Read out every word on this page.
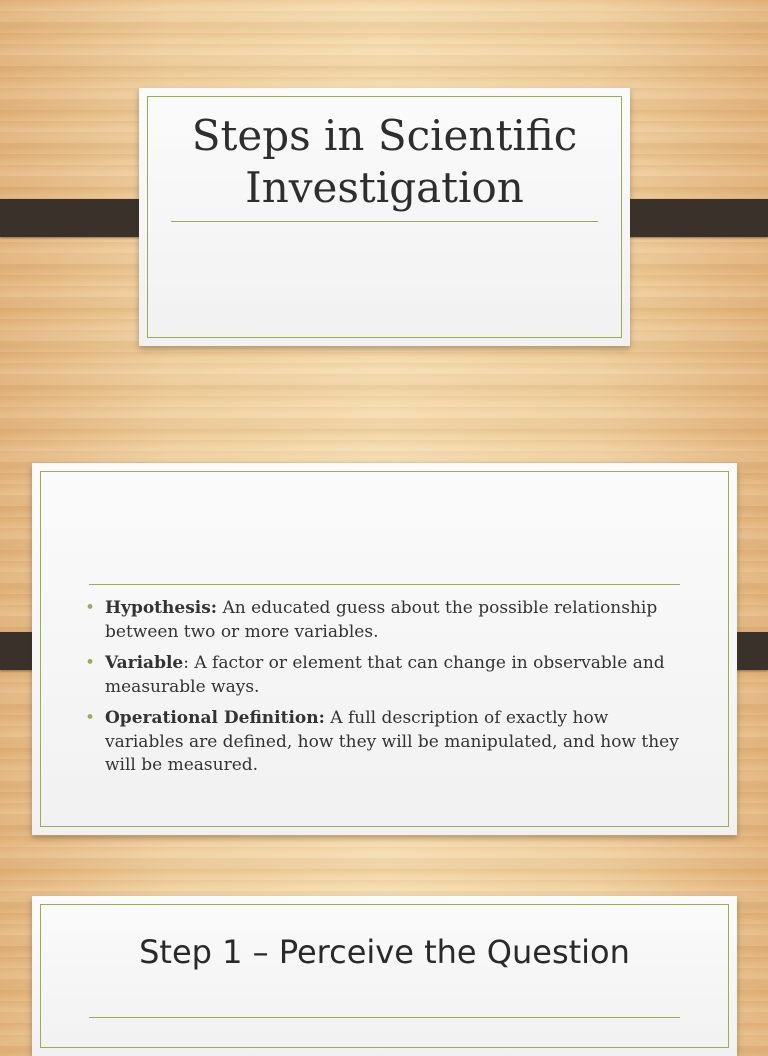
Steps in Scientific
Investigation
• Hypothesis: An educated guess about the possible relationship between two or more variables.
• Variable: A factor or element that can change in observable and measurable ways.
• Operational Definition: A full description of exactly how variables are defined, how they will be manipulated, and how they will be measured.
Step 1 – Perceive the Question
